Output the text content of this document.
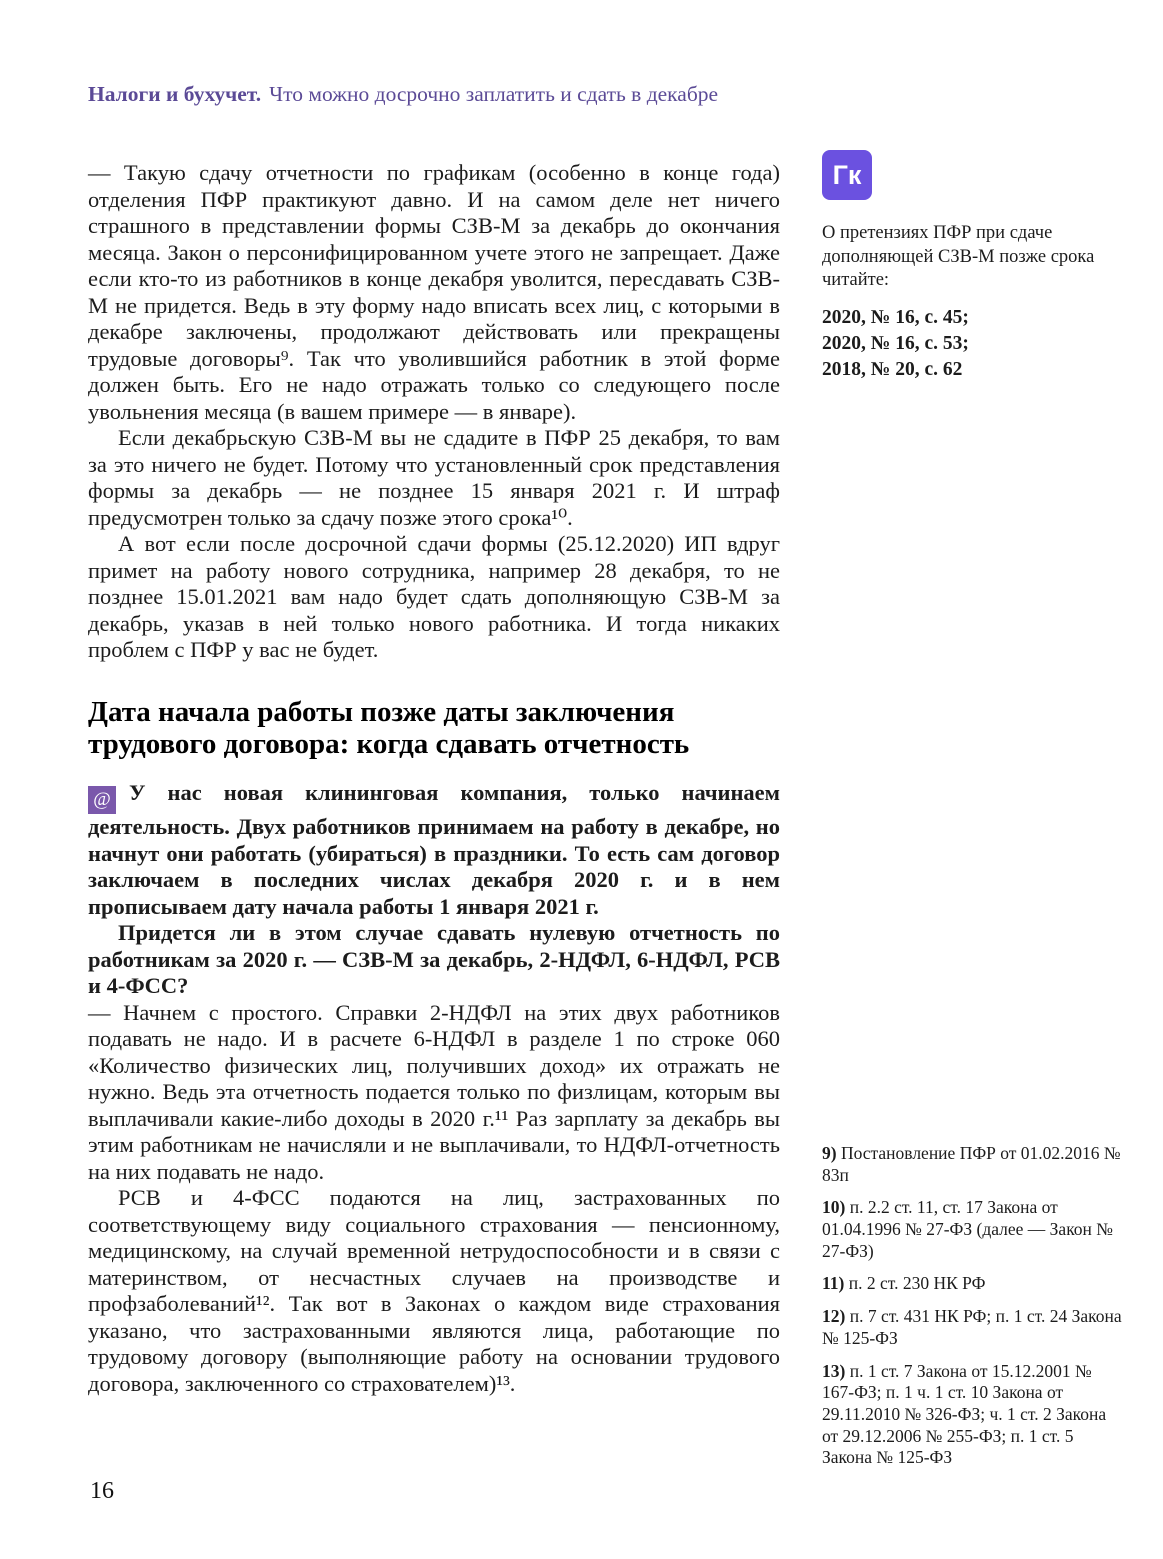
Налоги и бухучет. Что можно досрочно заплатить и сдать в декабре

— Такую сдачу отчетности по графикам (особенно в конце года) отделения ПФР практикуют давно. И на самом деле нет ничего страшного в представлении формы СЗВ-М за декабрь до окончания месяца. Закон о персонифицированном учете этого не запрещает. Даже если кто-то из работников в конце декабря уволится, пересдавать СЗВ-М не придется. Ведь в эту форму надо вписать всех лиц, с которыми в декабре заключены, продолжают действовать или прекращены трудовые договоры⁹. Так что уволившийся работник в этой форме должен быть. Его не надо отражать только со следующего после увольнения месяца (в вашем примере — в январе).

Если декабрьскую СЗВ-М вы не сдадите в ПФР 25 декабря, то вам за это ничего не будет. Потому что установленный срок представления формы за декабрь — не позднее 15 января 2021 г. И штраф предусмотрен только за сдачу позже этого срока¹⁰.

А вот если после досрочной сдачи формы (25.12.2020) ИП вдруг примет на работу нового сотрудника, например 28 декабря, то не позднее 15.01.2021 вам надо будет сдать дополняющую СЗВ-М за декабрь, указав в ней только нового работника. И тогда никаких проблем с ПФР у вас не будет.

Дата начала работы позже даты заключения трудового договора: когда сдавать отчетность

@ У нас новая клининговая компания, только начинаем деятельность. Двух работников принимаем на работу в декабре, но начнут они работать (убираться) в праздники. То есть сам договор заключаем в последних числах декабря 2020 г. и в нем прописываем дату начала работы 1 января 2021 г.

Придется ли в этом случае сдавать нулевую отчетность по работникам за 2020 г. — СЗВ-М за декабрь, 2-НДФЛ, 6-НДФЛ, РСВ и 4-ФСС?

— Начнем с простого. Справки 2-НДФЛ на этих двух работников подавать не надо. И в расчете 6-НДФЛ в разделе 1 по строке 060 «Количество физических лиц, получивших доход» их отражать не нужно. Ведь эта отчетность подается только по физлицам, которым вы выплачивали какие-либо доходы в 2020 г.¹¹ Раз зарплату за декабрь вы этим работникам не начисляли и не выплачивали, то НДФЛ-отчетность на них подавать не надо.

РСВ и 4-ФСС подаются на лиц, застрахованных по соответствующему виду социального страхования — пенсионному, медицинскому, на случай временной нетрудоспособности и в связи с материнством, от несчастных случаев на производстве и профзаболеваний¹². Так вот в Законах о каждом виде страхования указано, что застрахованными являются лица, работающие по трудовому договору (выполняющие работу на основании трудового договора, заключенного со страхователем)¹³.

Гк

О претензиях ПФР при сдаче дополняющей СЗВ-М позже срока читайте:

2020, № 16, с. 45;
2020, № 16, с. 53;
2018, № 20, с. 62

9) Постановление ПФР от 01.02.2016 № 83п

10) п. 2.2 ст. 11, ст. 17 Закона от 01.04.1996 № 27-ФЗ (далее — Закон № 27-ФЗ)

11) п. 2 ст. 230 НК РФ

12) п. 7 ст. 431 НК РФ; п. 1 ст. 24 Закона № 125-ФЗ

13) п. 1 ст. 7 Закона от 15.12.2001 № 167-ФЗ; п. 1 ч. 1 ст. 10 Закона от 29.11.2010 № 326-ФЗ; ч. 1 ст. 2 Закона от 29.12.2006 № 255-ФЗ; п. 1 ст. 5 Закона № 125-ФЗ

16
